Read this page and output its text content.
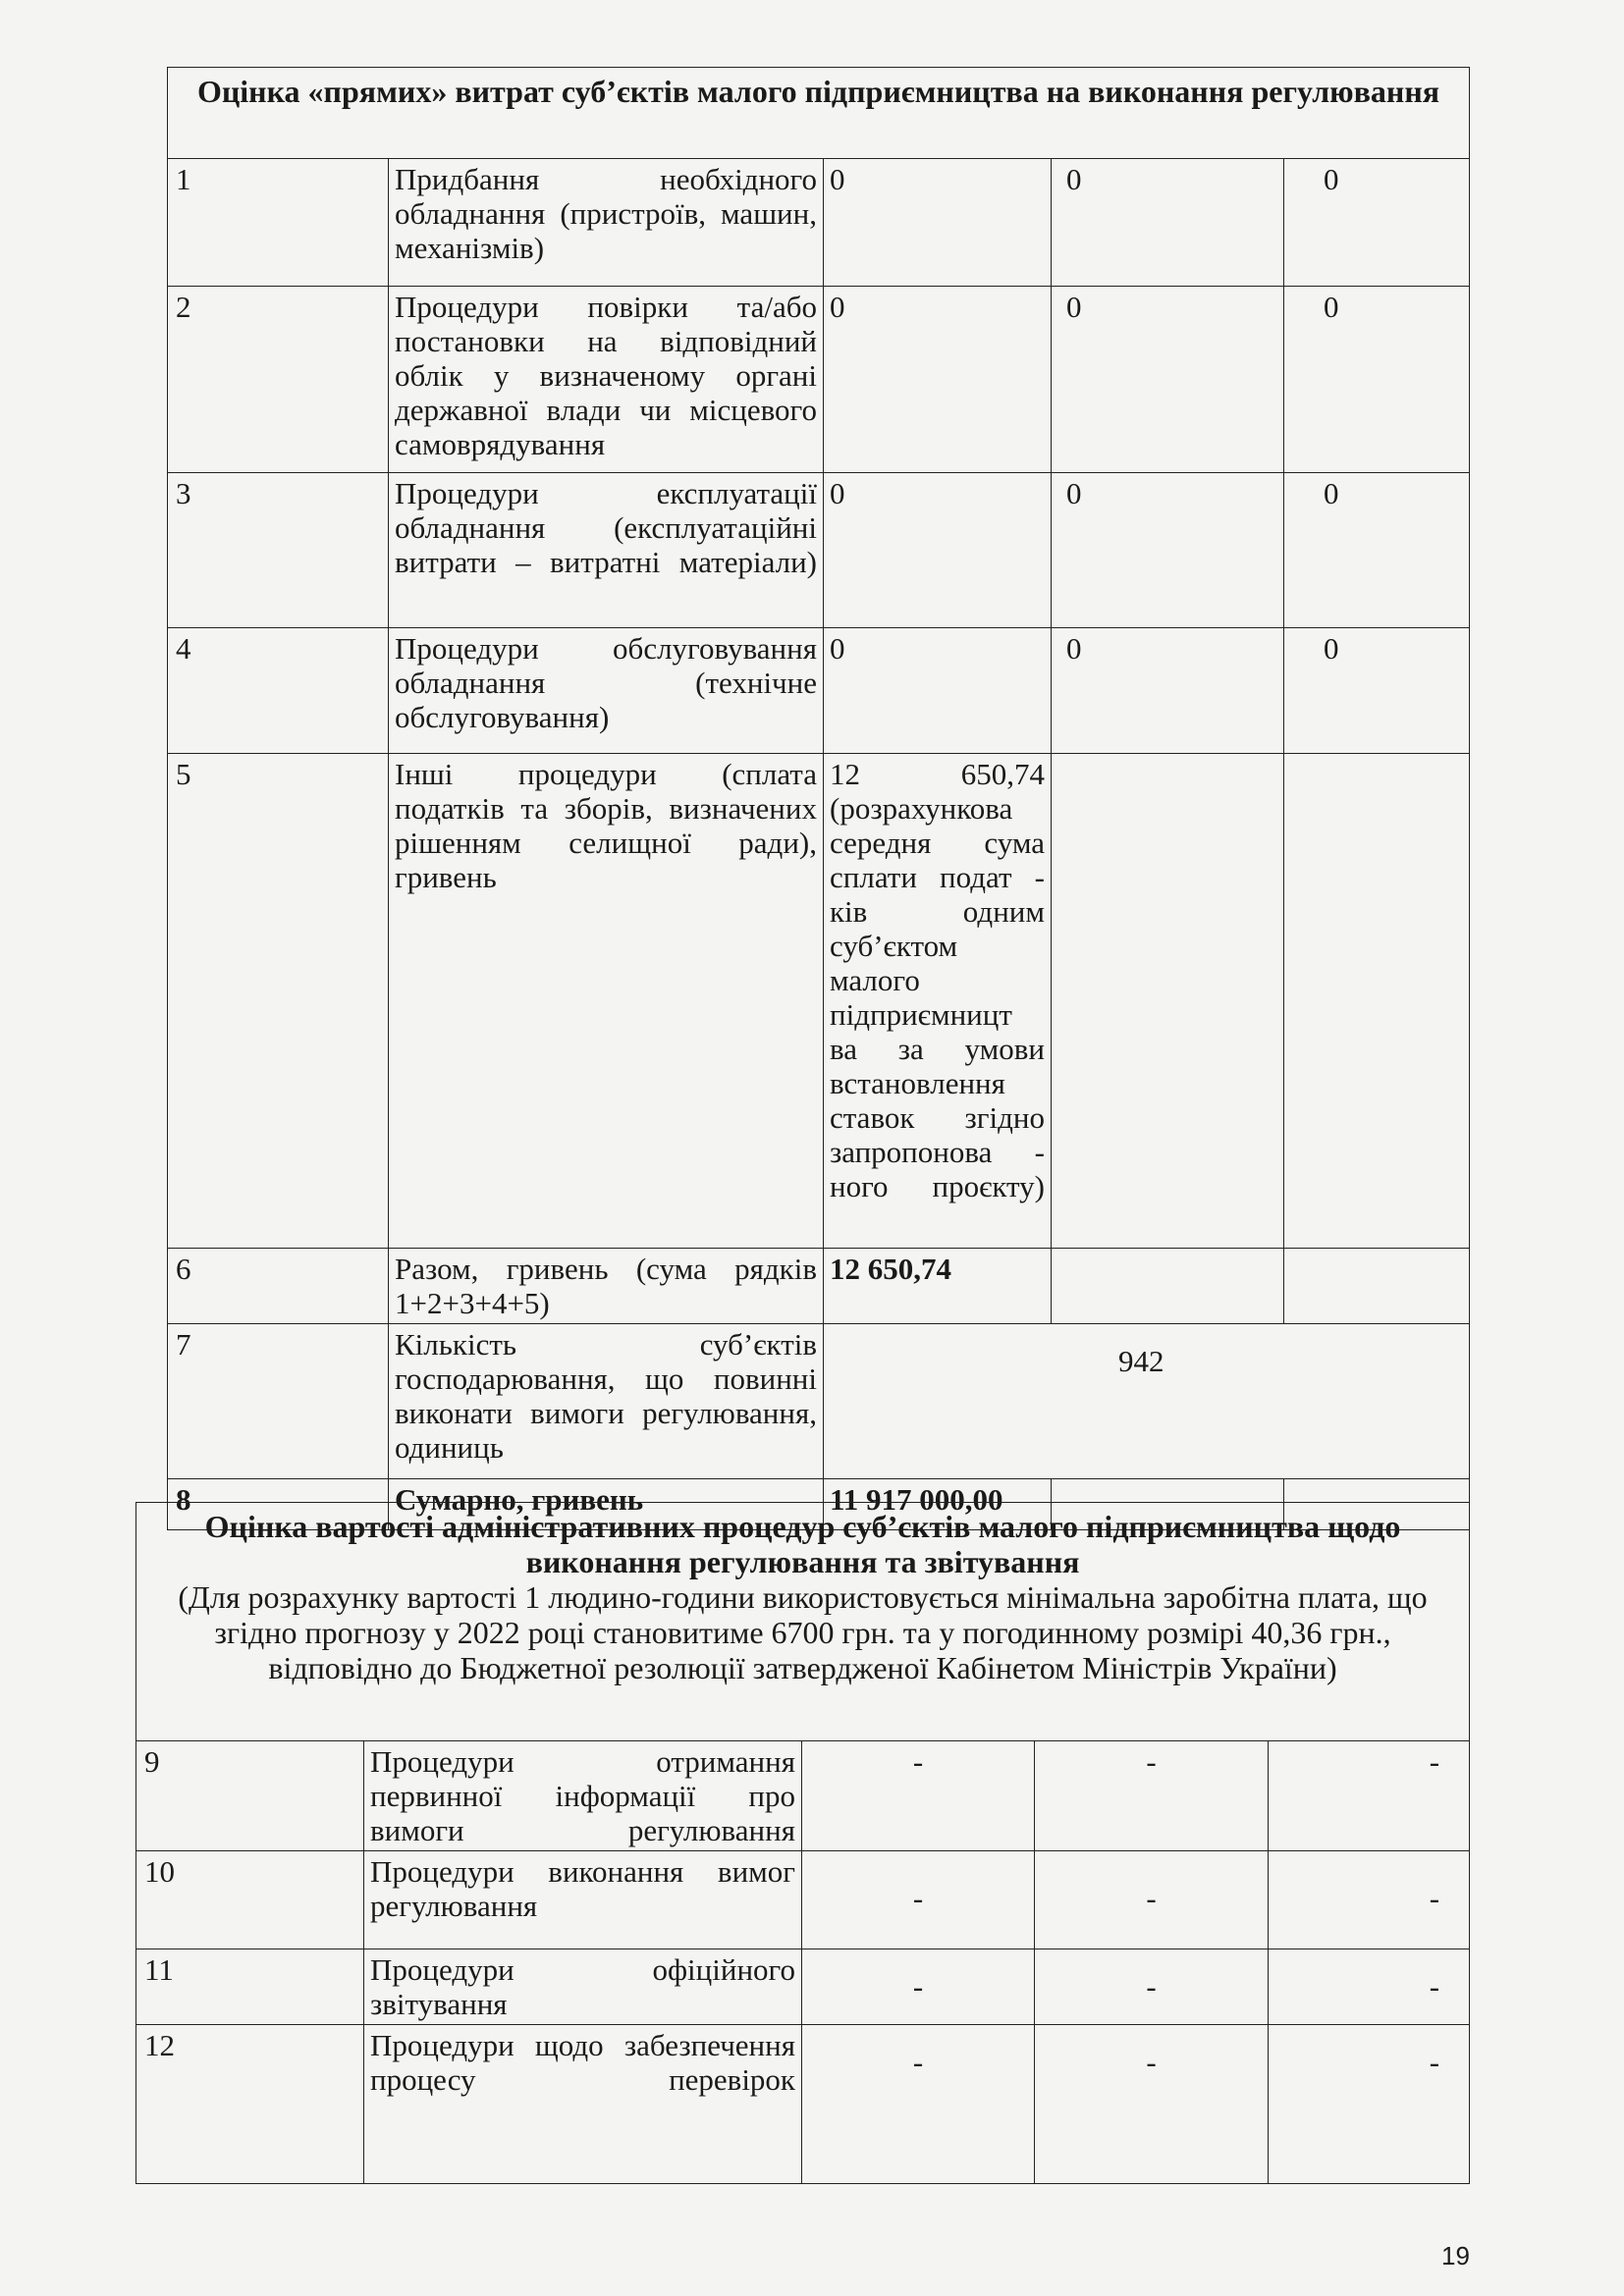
Оцінка «прямих» витрат суб’єктів малого підприємництва на виконання регулювання				
1	Придбання необхідного обладнання (пристроїв, машин, механізмів)	0	0	0
2	Процедури повірки та/або постановки на відповідний облік у визначеному органі державної влади чи місцевого самоврядування	0	0	0
3	Процедури експлуатації обладнання (експлуатаційні витрати – витратні матеріали)	0	0	0
4	Процедури обслуговування обладнання (технічне обслуговування)	0	0	0
5	Інші процедури (сплата податків та зборів, визначених рішенням селищної ради), гривень	12 650,74 (розрахункова середня сума сплати подат - ків одним суб’єктом малого підприємницт ва за умови встановлення ставок згідно запропонова - ного проєкту)		
6	Разом, гривень (сума рядків 1+2+3+4+5)	12 650,74		
7	Кількість суб’єктів господарювання, що повинні виконати вимоги регулювання, одиниць	942		
8	Сумарно, гривень	11 917 000,00		
Оцінка вартості адміністративних процедур суб’єктів малого підприємництва щодо виконання регулювання та звітування
(Для розрахунку вартості 1 людино-години використовується мінімальна заробітна плата, що згідно прогнозу у 2022 році становитиме 6700 грн. та у погодинному розмірі 40,36 грн., відповідно до Бюджетної резолюції затвердженої Кабінетом Міністрів України)				

9	Процедури отримання первинної інформації про вимоги регулювання	-	-	-
10	Процедури виконання вимог регулювання	-	-	-
11	Процедури офіційного звітування	-	-	-
12	Процедури щодо забезпечення процесу перевірок	-	-	-
19
